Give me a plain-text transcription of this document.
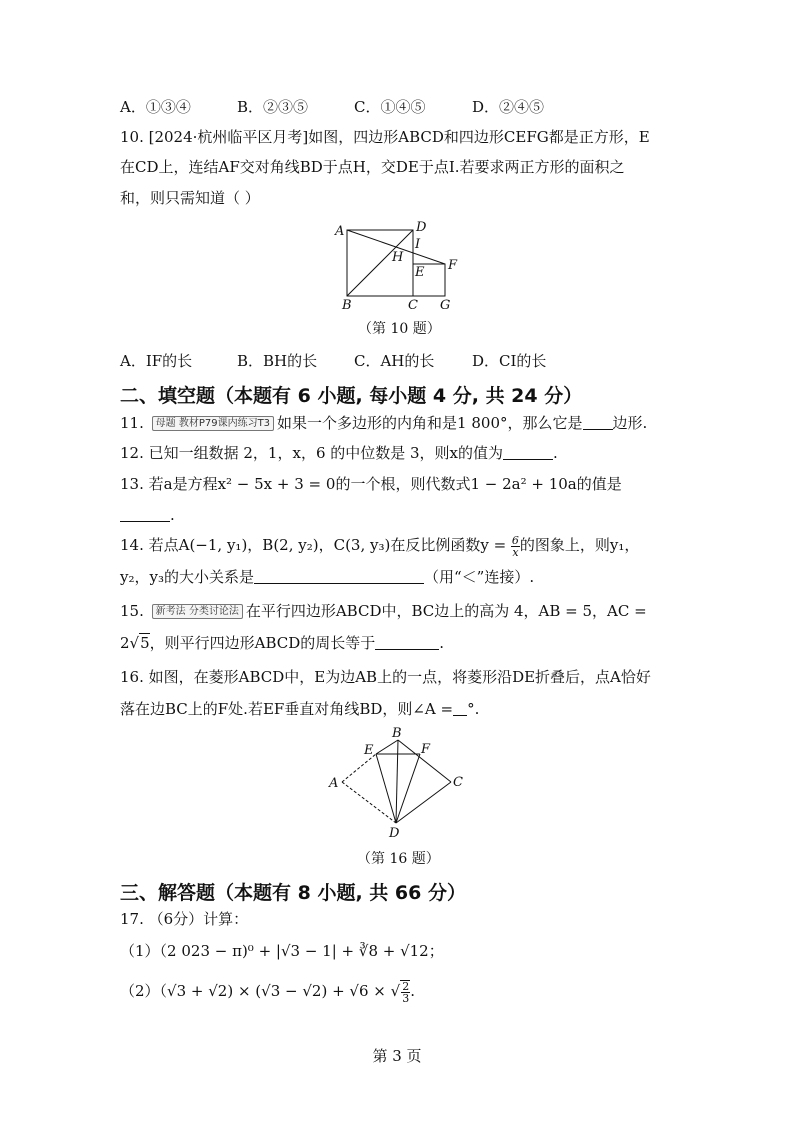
A．①③④	B．②③⑤	C．①④⑤	D．②④⑤
10. [2024·杭州临平区月考]如图，四边形ABCD和四边形CEFG都是正方形，E
在CD上，连结AF交对角线BD于点H，交DE于点I.若要求两正方形的面积之
和，则只需知道（ ）
A	D
I
H
E F
B	C G
（第 10 题）
A．IF的长	B．BH的长 C．AH的长	D．CI的长
二、填空题（本题有 6 小题, 每小题 4 分, 共 24 分）
11. 母题 教材P79课内练习T3 如果一个多边形的内角和是1 800°，那么它是 边形.
12. 已知一组数据 2，1，x，6 的中位数是 3，则x的值为	.
13. 若a是方程x² − 5x + 3 = 0的一个根，则代数式1 − 2a² + 10a的值是
.
14. 若点A(−1, y₁)，B(2, y₂)，C(3, y₃)在反比例函数$y = \frac{6}{x}$ 的图象上，则y₁，
y₂，y₃的大小关系是	（用“＜”连接）.
15. 新考法 分类讨论法 在平行四边形ABCD中，BC边上的高为 4，AB = 5，AC =
2√5，则平行四边形ABCD的周长等于	.
16. 如图，在菱形ABCD中，E为边AB上的一点，将菱形沿DE折叠后，点A恰好
落在边BC上的F处.若EF垂直对角线BD，则∠A = °.
B
E	F
A	C
D
（第 16 题）
三、解答题（本题有 8 小题, 共 66 分）
17. （6分）计算：
（1）（2 023 − π)⁰ + |√3 − 1| + ∛8 + √12；
（2）（√3 + √2) × (√3 − √2) + √6 × √ $\frac{2}{3}$ .
第 3 页
